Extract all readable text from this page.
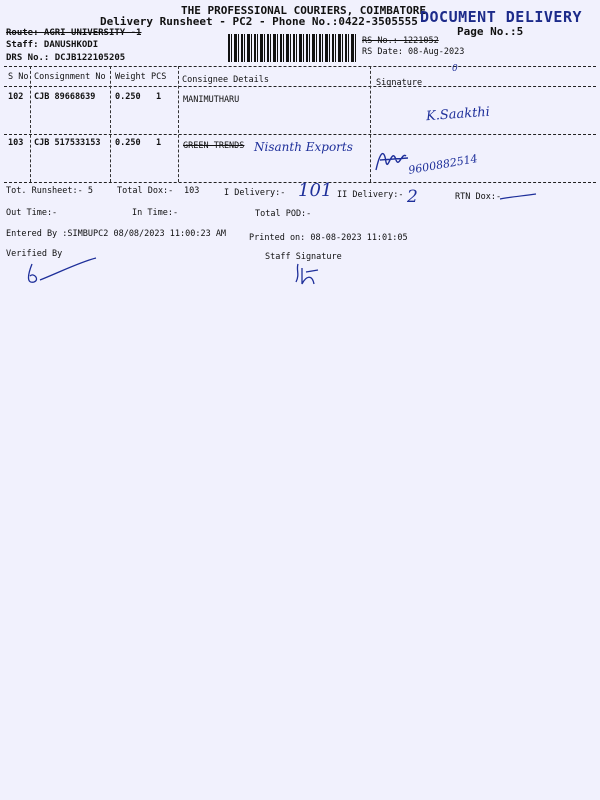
THE PROFESSIONAL COURIERS, COIMBATORE
Delivery Runsheet - PC2 - Phone No.:0422-3505555
Page No.:5
DOCUMENT DELIVERY
Route: AGRI UNIVERSITY -1
Staff: DANUSHKODI
DRS No.: DCJB122105205
RS No.: 1221052
RS Date: 08-Aug-2023
0
S No Consignment No Weight PCS Consignee Details	Signature
102 CJB 89668639 0.250 1	MANIMUTHARU
K.Saakthi
103 CJB 517533153 0.250 1	GREEN TRENDS Nisanth Exports
9600882514
Tot. Runsheet:- 5	Total Dox:- 103	I Delivery:- 101 II Delivery:- 2	RTN Dox:-
Out Time:-	In Time:-	Total POD:-
Entered By :SIMBUPC2 08/08/2023 11:00:23 AM	Printed on: 08-08-2023 11:01:05
Verified By	Staff Signature
